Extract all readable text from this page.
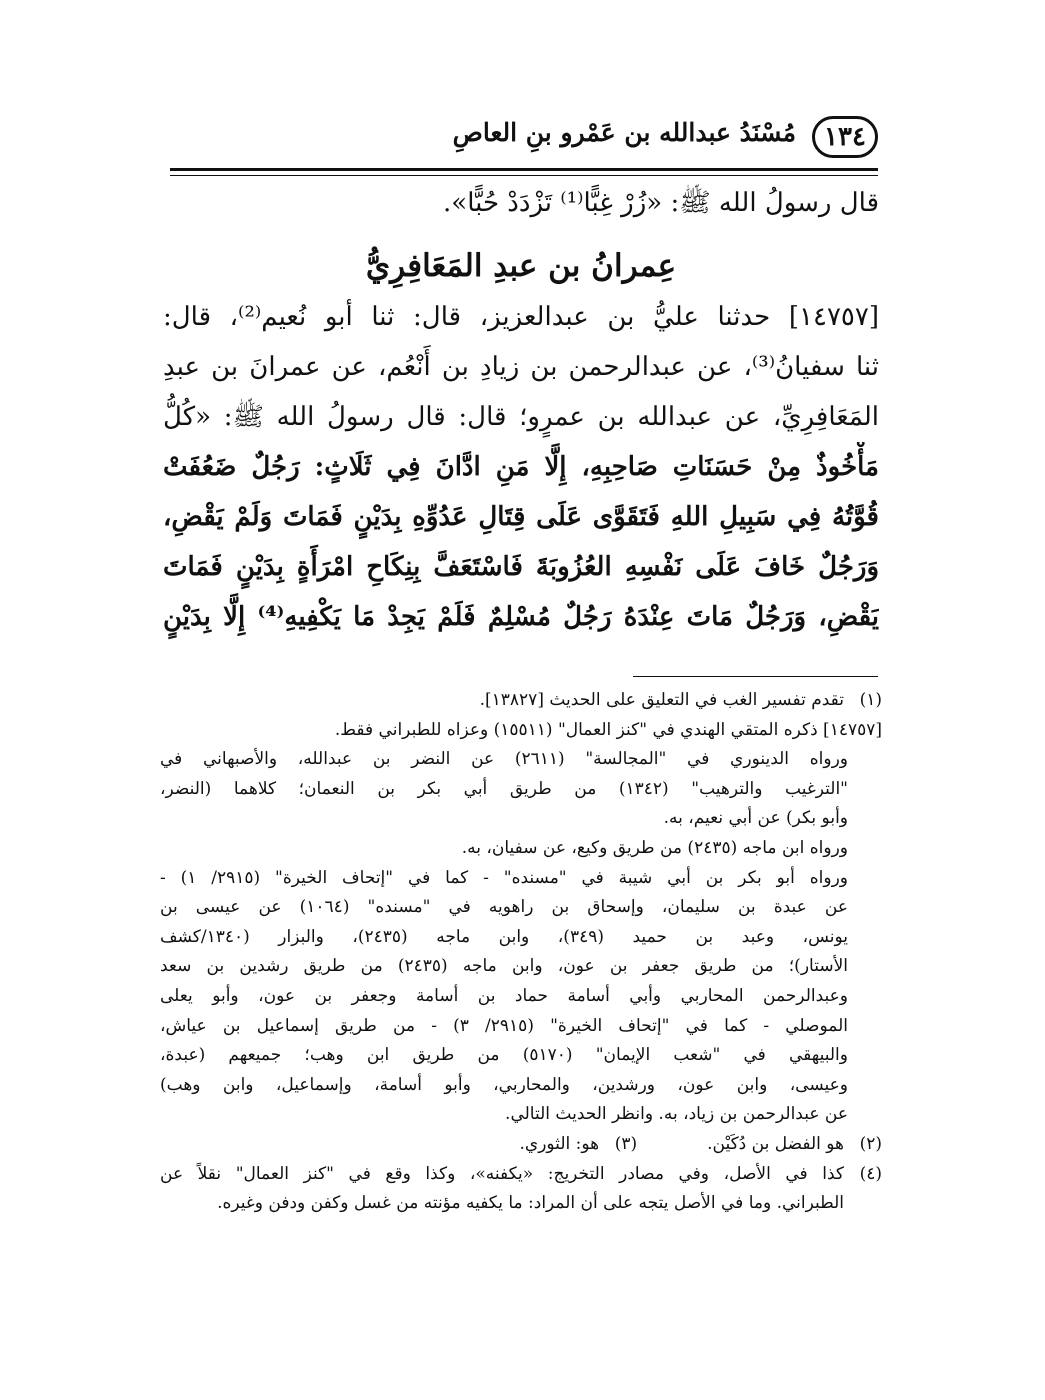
١٣٤
مُسْنَدُ عبدالله بن عَمْرو بنِ العاصِ
قال رسولُ الله ﷺ: «زُرْ غِبًّا⁽¹⁾ تَزْدَدْ حُبًّا».
عِمرانُ بن عبدِ المَعَافِرِيُّ
[١٤٧٥٧] حدثنا عليُّ بن عبدالعزيز، قال: ثنا أبو نُعيم⁽²⁾، قال:
ثنا سفيانُ⁽³⁾، عن عبدالرحمن بن زيادِ بن أَنْعُم، عن عمرانَ بن عبدِ
المَعَافِرِيِّ، عن عبدالله بن عمرٍو؛ قال: قال رسولُ الله ﷺ: «كُلُّ
مَأْخُوذٌ مِنْ حَسَنَاتِ صَاحِبِهِ، إِلَّا مَنِ ادَّانَ فِي ثَلَاثٍ: رَجُلٌ ضَعُفَتْ
قُوَّتُهُ فِي سَبِيلِ اللهِ فَتَقَوَّى عَلَى قِتَالِ عَدُوِّهِ بِدَيْنٍ فَمَاتَ وَلَمْ يَقْضِ،
وَرَجُلٌ خَافَ عَلَى نَفْسِهِ العُزُوبَةَ فَاسْتَعَفَّ بِنِكَاحِ امْرَأَةٍ بِدَيْنٍ فَمَاتَ
يَقْضِ، وَرَجُلٌ مَاتَ عِنْدَهُ رَجُلٌ مُسْلِمٌ فَلَمْ يَجِدْ مَا يَكْفِيهِ⁽⁴⁾ إِلَّا بِدَيْنٍ
(١)تقدم تفسير الغب في التعليق على الحديث [١٣٨٢٧].
[١٤٧٥٧] ذكره المتقي الهندي في "كنز العمال" (١٥٥١١) وعزاه للطبراني فقط.
ورواه الدينوري في "المجالسة" (٢٦١١) عن النضر بن عبدالله، والأصبهاني في
"الترغيب والترهيب" (١٣٤٢) من طريق أبي بكر بن النعمان؛ كلاهما (النضر،
وأبو بكر) عن أبي نعيم، به.
ورواه ابن ماجه (٢٤٣٥) من طريق وكيع، عن سفيان، به.
ورواه أبو بكر بن أبي شيبة في "مسنده" - كما في "إتحاف الخيرة" (٢٩١٥/ ١) -
عن عبدة بن سليمان، وإسحاق بن راهويه في "مسنده" (١٠٦٤) عن عيسى بن
يونس، وعبد بن حميد (٣٤٩)، وابن ماجه (٢٤٣٥)، والبزار (١٣٤٠/كشف
الأستار)؛ من طريق جعفر بن عون، وابن ماجه (٢٤٣٥) من طريق رشدين بن سعد
وعبدالرحمن المحاربي وأبي أسامة حماد بن أسامة وجعفر بن عون، وأبو يعلى
الموصلي - كما في "إتحاف الخيرة" (٢٩١٥/ ٣) - من طريق إسماعيل بن عياش،
والبيهقي في "شعب الإيمان" (٥١٧٠) من طريق ابن وهب؛ جميعهم (عبدة،
وعيسى، وابن عون، ورشدين، والمحاربي، وأبو أسامة، وإسماعيل، وابن وهب)
عن عبدالرحمن بن زياد، به. وانظر الحديث التالي.
(٢)هو الفضل بن دُكَيْن.(٣)هو: الثوري.
(٤)كذا في الأصل، وفي مصادر التخريج: «يكفنه»، وكذا وقع في "كنز العمال" نقلاً عن
الطبراني. وما في الأصل يتجه على أن المراد: ما يكفيه مؤنته من غسل وكفن ودفن وغيره.
